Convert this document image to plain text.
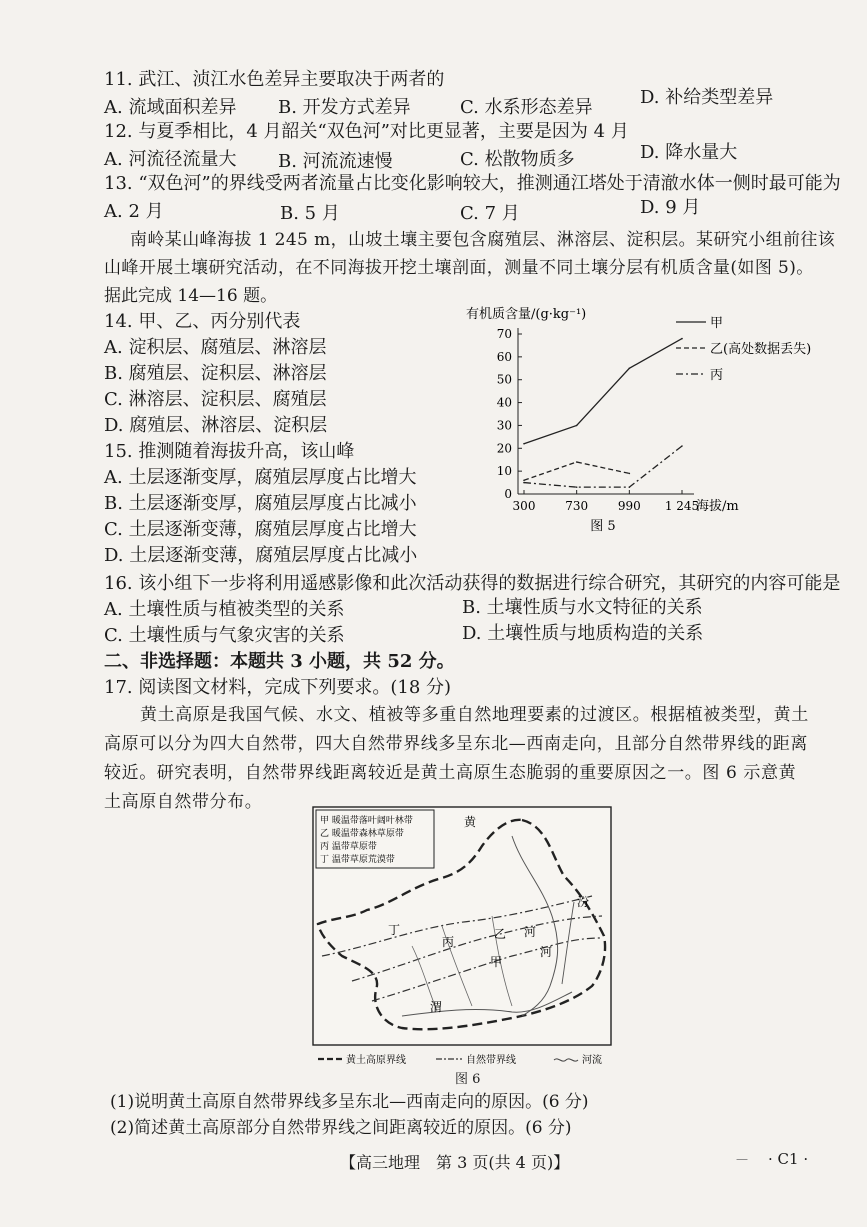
11. 武江、浈江水色差异主要取决于两者的
A. 流域面积差异 B. 开发方式差异	C. 水系形态差异	D. 补给类型差异
12. 与夏季相比，4 月韶关“双色河”对比更显著，主要是因为 4 月
A. 河流径流量大 B. 河流流速慢	C. 松散物质多	D. 降水量大
13. “双色河”的界线受两者流量占比变化影响较大，推测通江塔处于清澈水体一侧时最可能为
A. 2 月	B. 5 月	C. 7 月	D. 9 月
南岭某山峰海拔 1 245 m，山坡土壤主要包含腐殖层、淋溶层、淀积层。某研究小组前往该
山峰开展土壤研究活动，在不同海拔开挖土壤剖面，测量不同土壤分层有机质含量(如图 5)。
据此完成 14—16 题。
14. 甲、乙、丙分别代表
A. 淀积层、腐殖层、淋溶层
B. 腐殖层、淀积层、淋溶层
C. 淋溶层、淀积层、腐殖层
D. 腐殖层、淋溶层、淀积层
15. 推测随着海拔升高，该山峰
A. 土层逐渐变厚，腐殖层厚度占比增大
B. 土层逐渐变厚，腐殖层厚度占比减小
C. 土层逐渐变薄，腐殖层厚度占比增大
D. 土层逐渐变薄，腐殖层厚度占比减小
有机质含量/(g·kg⁻¹)
0
10
20
30
40
50
60
70
300 730 990 1 245
海拔/m
甲
乙(高处数据丢失)
丙
图 5
16. 该小组下一步将利用遥感影像和此次活动获得的数据进行综合研究，其研究的内容可能是
A. 土壤性质与植被类型的关系	B. 土壤性质与水文特征的关系
C. 土壤性质与气象灾害的关系	D. 土壤性质与地质构造的关系
二、非选择题：本题共 3 小题，共 52 分。
17. 阅读图文材料，完成下列要求。(18 分)
黄土高原是我国气候、水文、植被等多重自然地理要素的过渡区。根据植被类型，黄土
高原可以分为四大自然带，四大自然带界线多呈东北—西南走向，且部分自然带界线的距离
较近。研究表明，自然带界线距离较近是黄土高原生态脆弱的重要原因之一。图 6 示意黄
土高原自然带分布。
甲 暖温带落叶阔叶林带
乙 暖温带森林草原带
丙 温带草原带
丁 温带草原荒漠带
黄
汾
河
河
渭
丁
丙
乙
甲
黄土高原界线	自然带界线	河流
图 6
(1)说明黄土高原自然带界线多呈东北—西南走向的原因。(6 分)
(2)简述黄土高原部分自然带界线之间距离较近的原因。(6 分)
【高三地理　第 3 页(共 4 页)】	— · C1 ·
